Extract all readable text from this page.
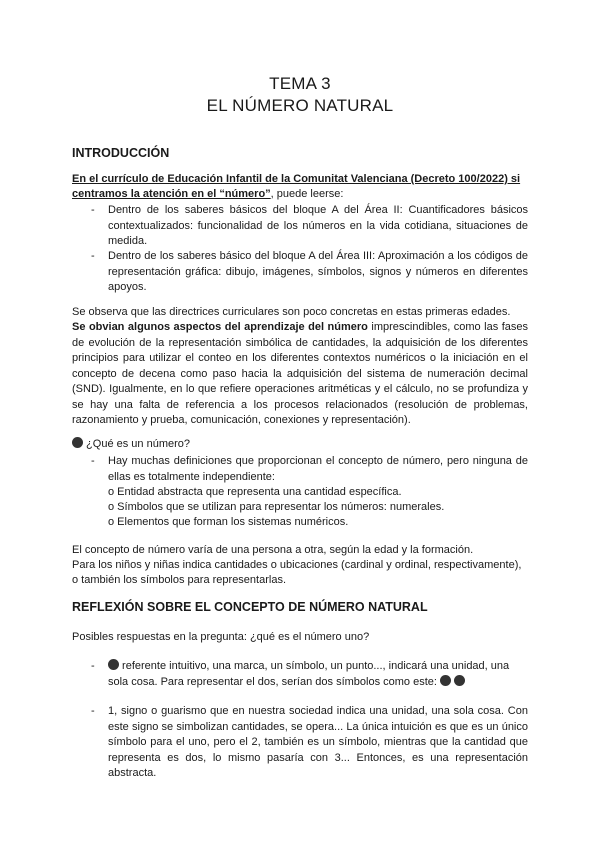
TEMA 3
EL NÚMERO NATURAL
INTRODUCCIÓN
En el currículo de Educación Infantil de la Comunitat Valenciana (Decreto 100/2022) si
centramos la atención en el “número”, puede leerse:
- Dentro de los saberes básicos del bloque A del Área II: Cuantificadores básicos contextualizados: funcionalidad de los números en la vida cotidiana, situaciones de medida.
- Dentro de los saberes básico del bloque A del Área III: Aproximación a los códigos de representación gráfica: dibujo, imágenes, símbolos, signos y números en diferentes apoyos.
Se observa que las directrices curriculares son poco concretas en estas primeras edades.
Se obvian algunos aspectos del aprendizaje del número imprescindibles, como las fases de evolución de la representación simbólica de cantidades, la adquisición de los diferentes principios para utilizar el conteo en los diferentes contextos numéricos o la iniciación en el concepto de decena como paso hacia la adquisición del sistema de numeración decimal (SND). Igualmente, en lo que refiere operaciones aritméticas y el cálculo, no se profundiza y se hay una falta de referencia a los procesos relacionados (resolución de problemas, razonamiento y prueba, comunicación, conexiones y representación).
¿Qué es un número?
- Hay muchas definiciones que proporcionan el concepto de número, pero ninguna de ellas es totalmente independiente:
o Entidad abstracta que representa una cantidad específica.
o Símbolos que se utilizan para representar los números: numerales.
o Elementos que forman los sistemas numéricos.
El concepto de número varía de una persona a otra, según la edad y la formación.
Para los niños y niñas indica cantidades o ubicaciones (cardinal y ordinal, respectivamente),
o también los símbolos para representarlas.
REFLEXIÓN SOBRE EL CONCEPTO DE NÚMERO NATURAL
Posibles respuestas en la pregunta: ¿qué es el número uno?
-	referente intuitivo, una marca, un símbolo, un punto..., indicará una unidad, una
sola cosa. Para representar el dos, serían dos símbolos como este:
- 1, signo o guarismo que en nuestra sociedad indica una unidad, una sola cosa. Con este signo se simbolizan cantidades, se opera... La única intuición es que es un único símbolo para el uno, pero el 2, también es un símbolo, mientras que la cantidad que representa es dos, lo mismo pasaría con 3... Entonces, es una representación abstracta.
